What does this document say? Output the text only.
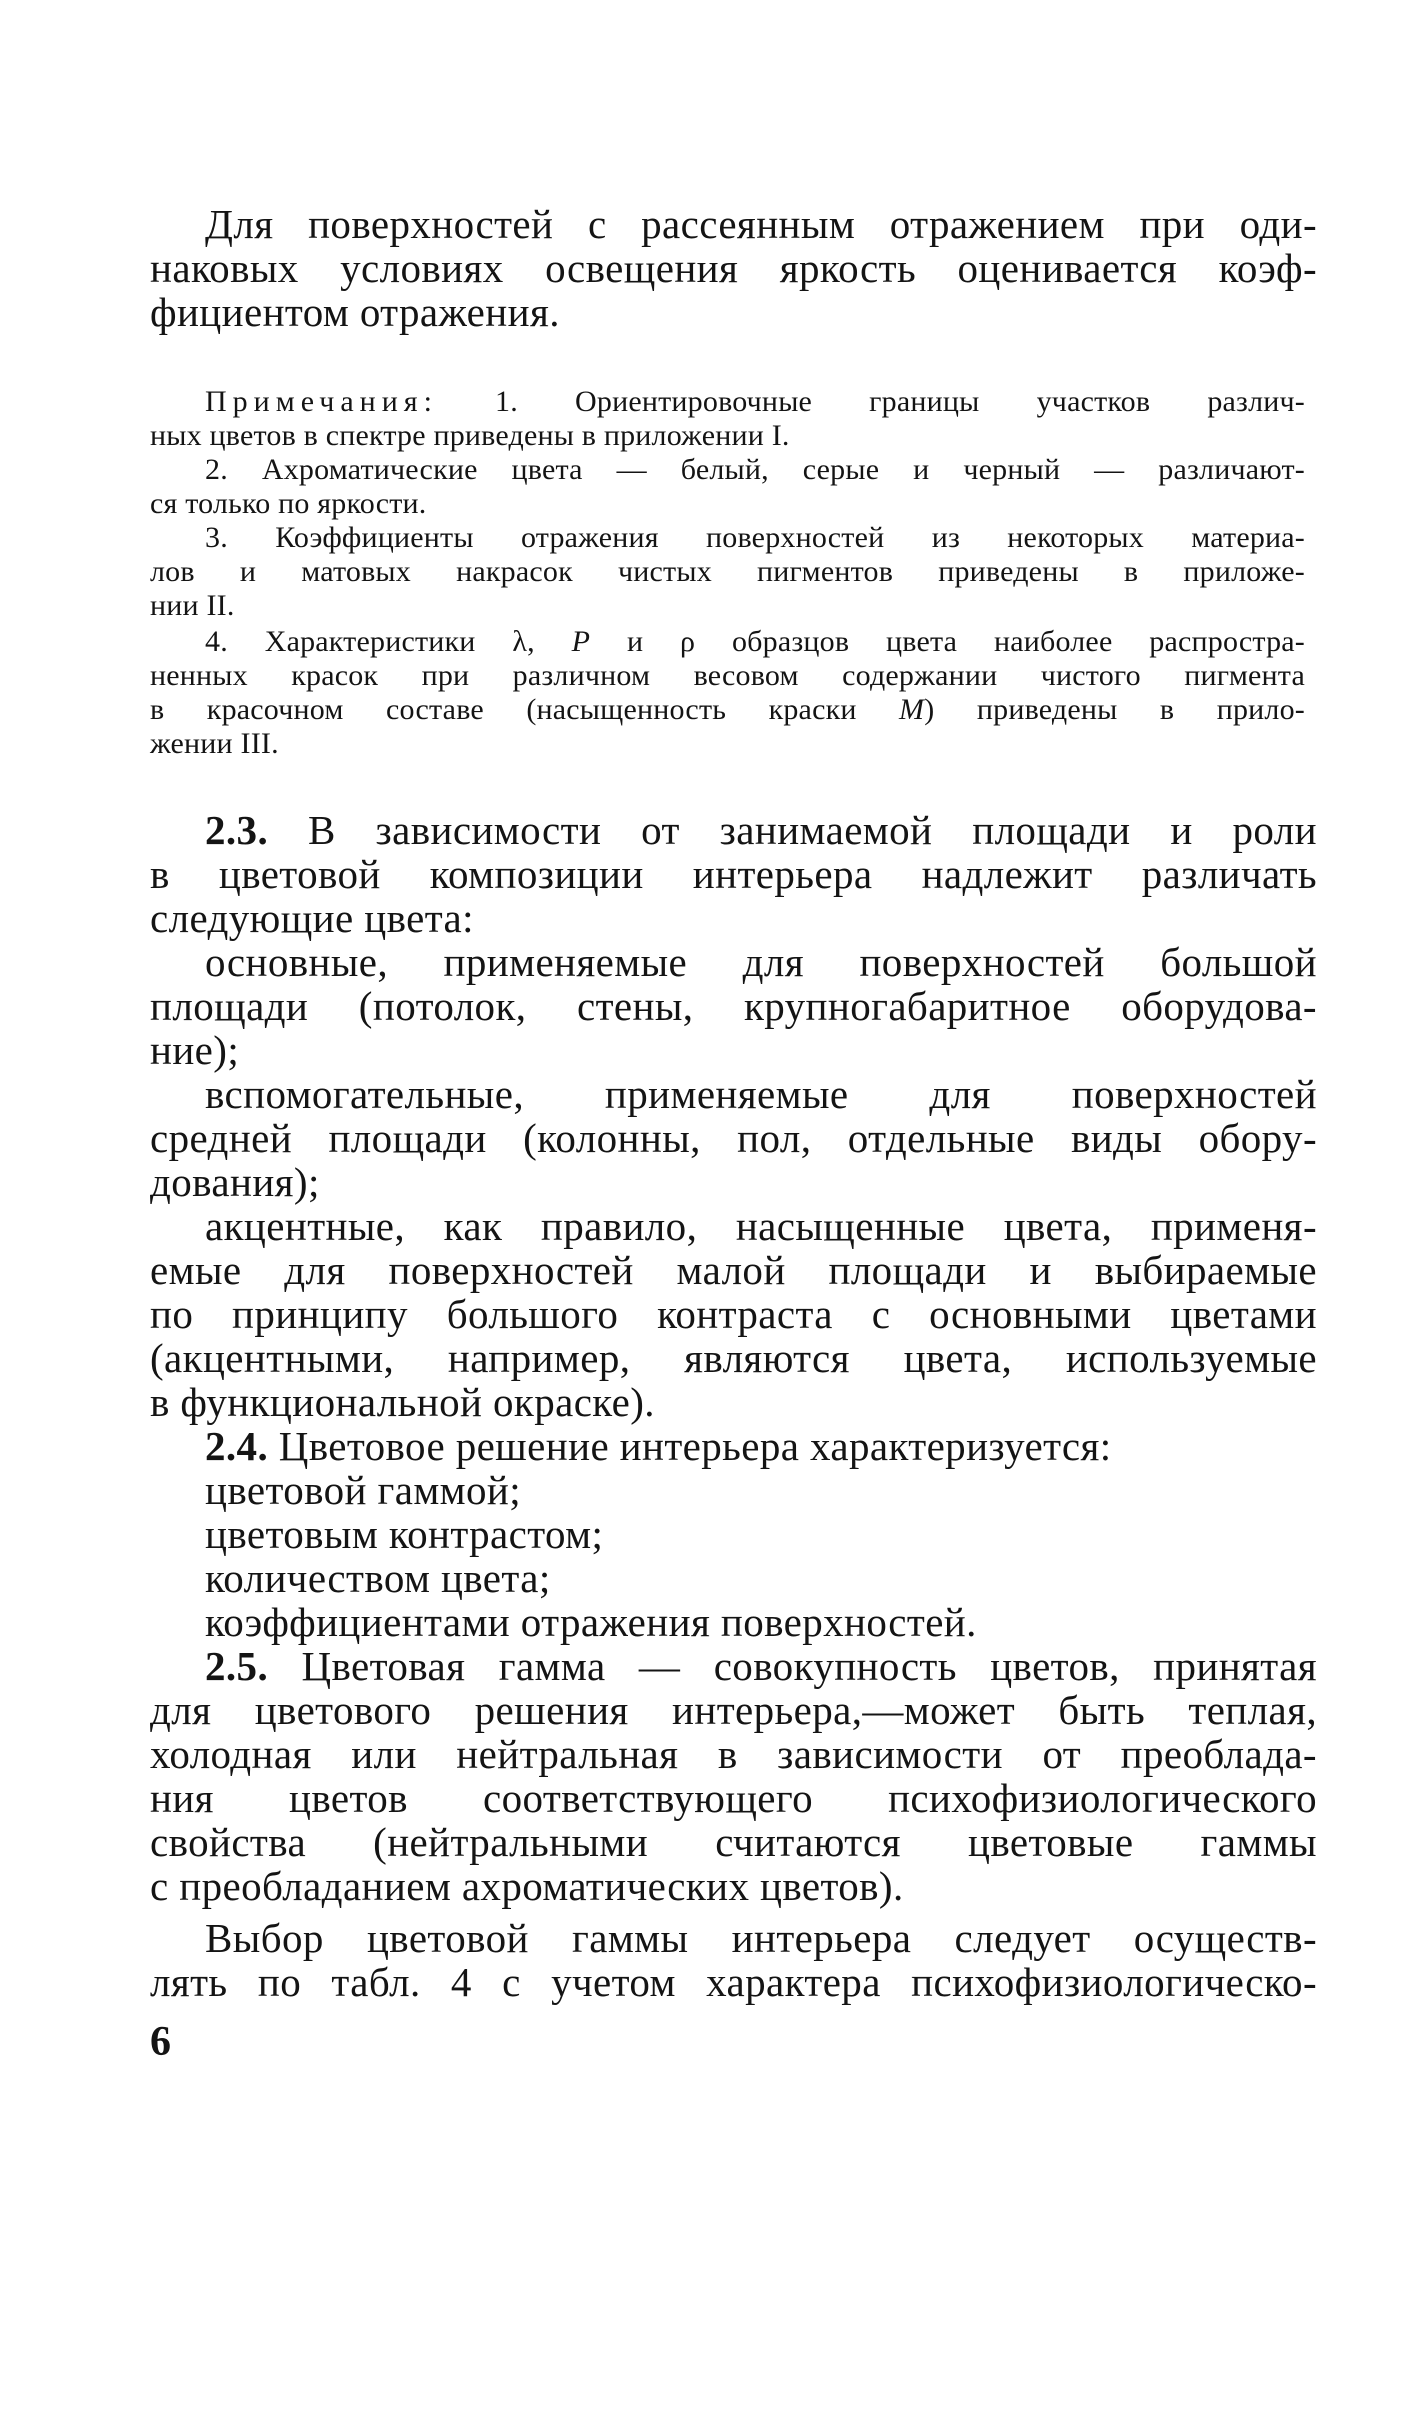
Для поверхностей с рассеянным отражением при оди-
наковых условиях освещения яркость оценивается коэф-
фициентом отражения.
Примечания: 1. Ориентировочные границы участков различ-
ных цветов в спектре приведены в приложении I.
2. Ахроматические цвета — белый, серые и черный — различают-
ся только по яркости.
3. Коэффициенты отражения поверхностей из некоторых материа-
лов и матовых накрасок чистых пигментов приведены в приложе-
нии II.
4. Характеристики λ, P и ρ образцов цвета наиболее распростра-
ненных красок при различном весовом содержании чистого пигмента
в красочном составе (насыщенность краски M) приведены в прило-
жении III.
2.3. В зависимости от занимаемой площади и роли
в цветовой композиции интерьера надлежит различать
следующие цвета:
основные, применяемые для поверхностей большой
площади (потолок, стены, крупногабаритное оборудова-
ние);
вспомогательные, применяемые для поверхностей
средней площади (колонны, пол, отдельные виды обору-
дования);
акцентные, как правило, насыщенные цвета, применя-
емые для поверхностей малой площади и выбираемые
по принципу большого контраста с основными цветами
(акцентными, например, являются цвета, используемые
в функциональной окраске).
2.4. Цветовое решение интерьера характеризуется:
цветовой гаммой;
цветовым контрастом;
количеством цвета;
коэффициентами отражения поверхностей.
2.5. Цветовая гамма — совокупность цветов, принятая
для цветового решения интерьера,—может быть теплая,
холодная или нейтральная в зависимости от преоблада-
ния цветов соответствующего психофизиологического
свойства (нейтральными считаются цветовые гаммы
с преобладанием ахроматических цветов).
Выбор цветовой гаммы интерьера следует осуществ-
лять по табл. 4 с учетом характера психофизиологическо-
6
